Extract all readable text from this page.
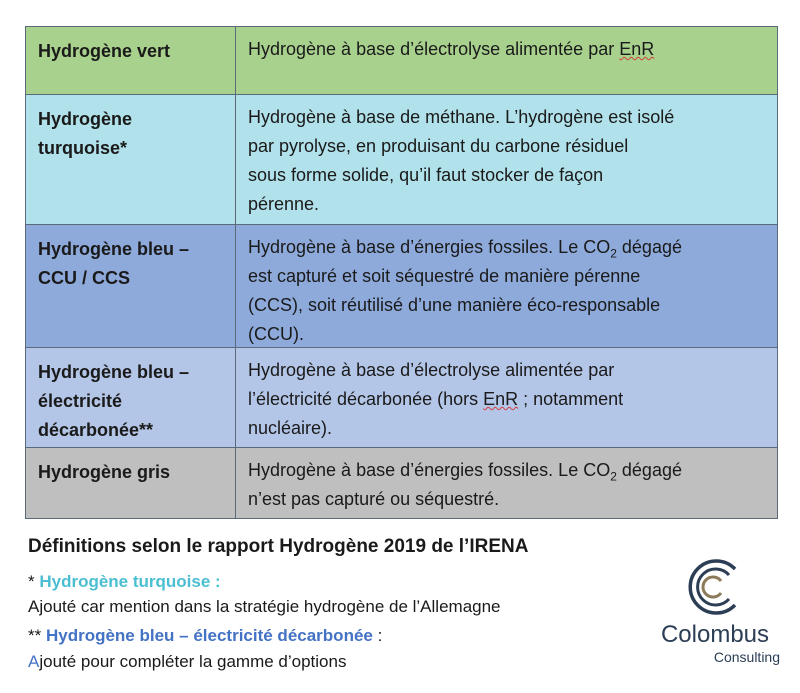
Hydrogène vert	Hydrogène à base d’électrolyse alimentée par EnR
Hydrogène
turquoise*
Hydrogène à base de méthane. L’hydrogène est isolé
par pyrolyse, en produisant du carbone résiduel
sous forme solide, qu’il faut stocker de façon
pérenne.
Hydrogène bleu –
CCU / CCS
Hydrogène à base d’énergies fossiles. Le $CO_2$ dégagé
est capturé et soit séquestré de manière pérenne
(CCS), soit réutilisé d’une manière éco-responsable
(CCU).
Hydrogène bleu –
électricité
décarbonée**
Hydrogène à base d’électrolyse alimentée par
l’électricité décarbonée (hors EnR ; notamment
nucléaire).
Hydrogène gris	Hydrogène à base d’énergies fossiles. Le $CO_2$ dégagé
n’est pas capturé ou séquestré.
Définitions selon le rapport Hydrogène 2019 de l’IRENA
* Hydrogène turquoise :
Ajouté car mention dans la stratégie hydrogène de l’Allemagne
** Hydrogène bleu – électricité décarbonée :
Ajouté pour compléter la gamme d’options
Colombus
Consulting
